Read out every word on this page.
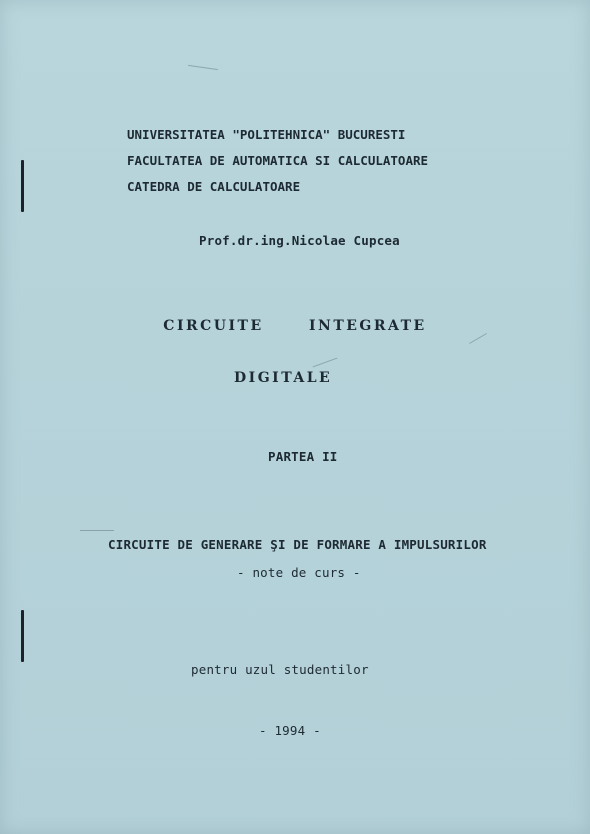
UNIVERSITATEA "POLITEHNICA" BUCURESTI
FACULTATEA DE AUTOMATICA SI CALCULATOARE
CATEDRA DE CALCULATOARE
Prof.dr.ing.Nicolae Cupcea
CIRCUITE INTEGRATE
DIGITALE
PARTEA II
CIRCUITE DE GENERARE ŞI DE FORMARE A IMPULSURILOR
- note de curs -
pentru uzul studentilor
- 1994 -
